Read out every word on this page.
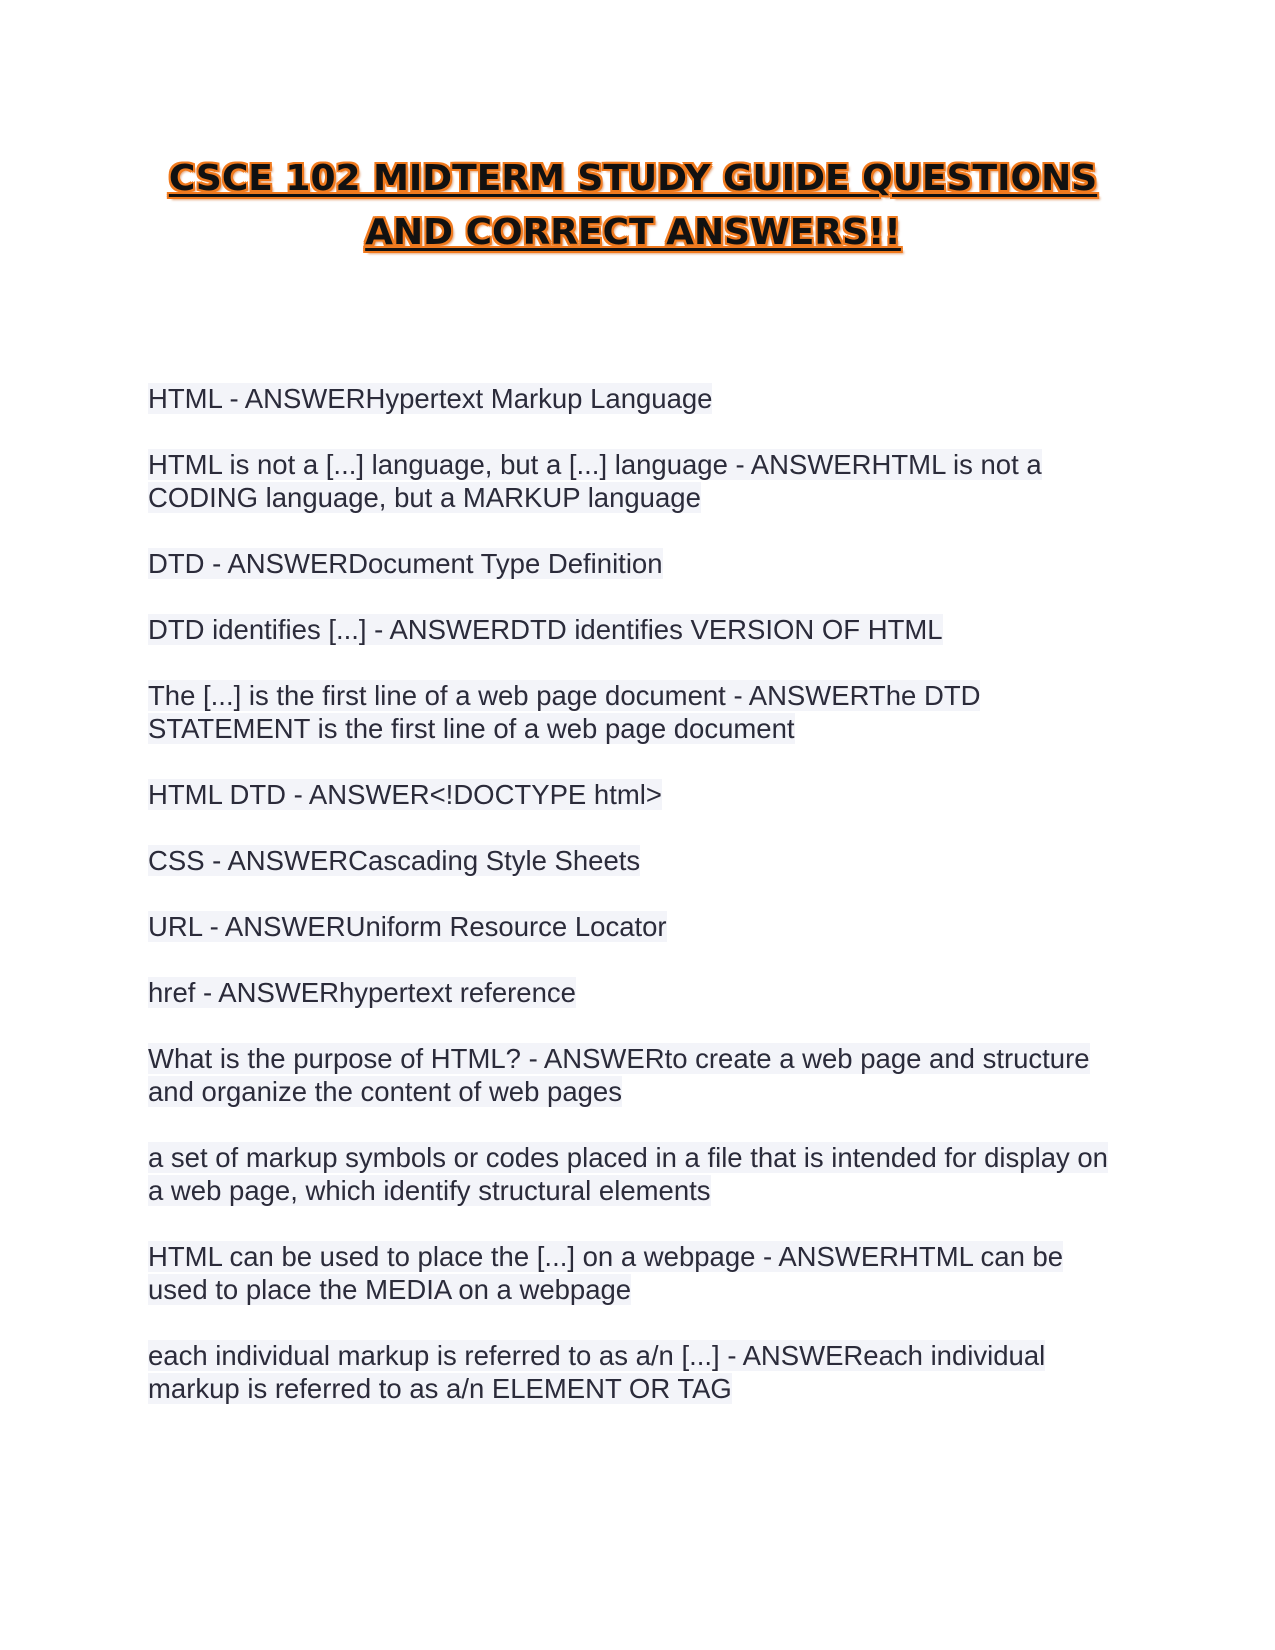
CSCE 102 MIDTERM STUDY GUIDE QUESTIONS
AND CORRECT ANSWERS!!
HTML - ANSWERHypertext Markup Language
HTML is not a [...] language, but a [...] language - ANSWERHTML is not a CODING language, but a MARKUP language
DTD - ANSWERDocument Type Definition
DTD identifies [...] - ANSWERDTD identifies VERSION OF HTML
The [...] is the first line of a web page document - ANSWERThe DTD STATEMENT is the first line of a web page document
HTML DTD - ANSWER<!DOCTYPE html>
CSS - ANSWERCascading Style Sheets
URL - ANSWERUniform Resource Locator
href - ANSWERhypertext reference
What is the purpose of HTML? - ANSWERto create a web page and structure and organize the content of web pages
a set of markup symbols or codes placed in a file that is intended for display on a web page, which identify structural elements
HTML can be used to place the [...] on a webpage - ANSWERHTML can be used to place the MEDIA on a webpage
each individual markup is referred to as a/n [...] - ANSWEReach individual markup is referred to as a/n ELEMENT OR TAG
